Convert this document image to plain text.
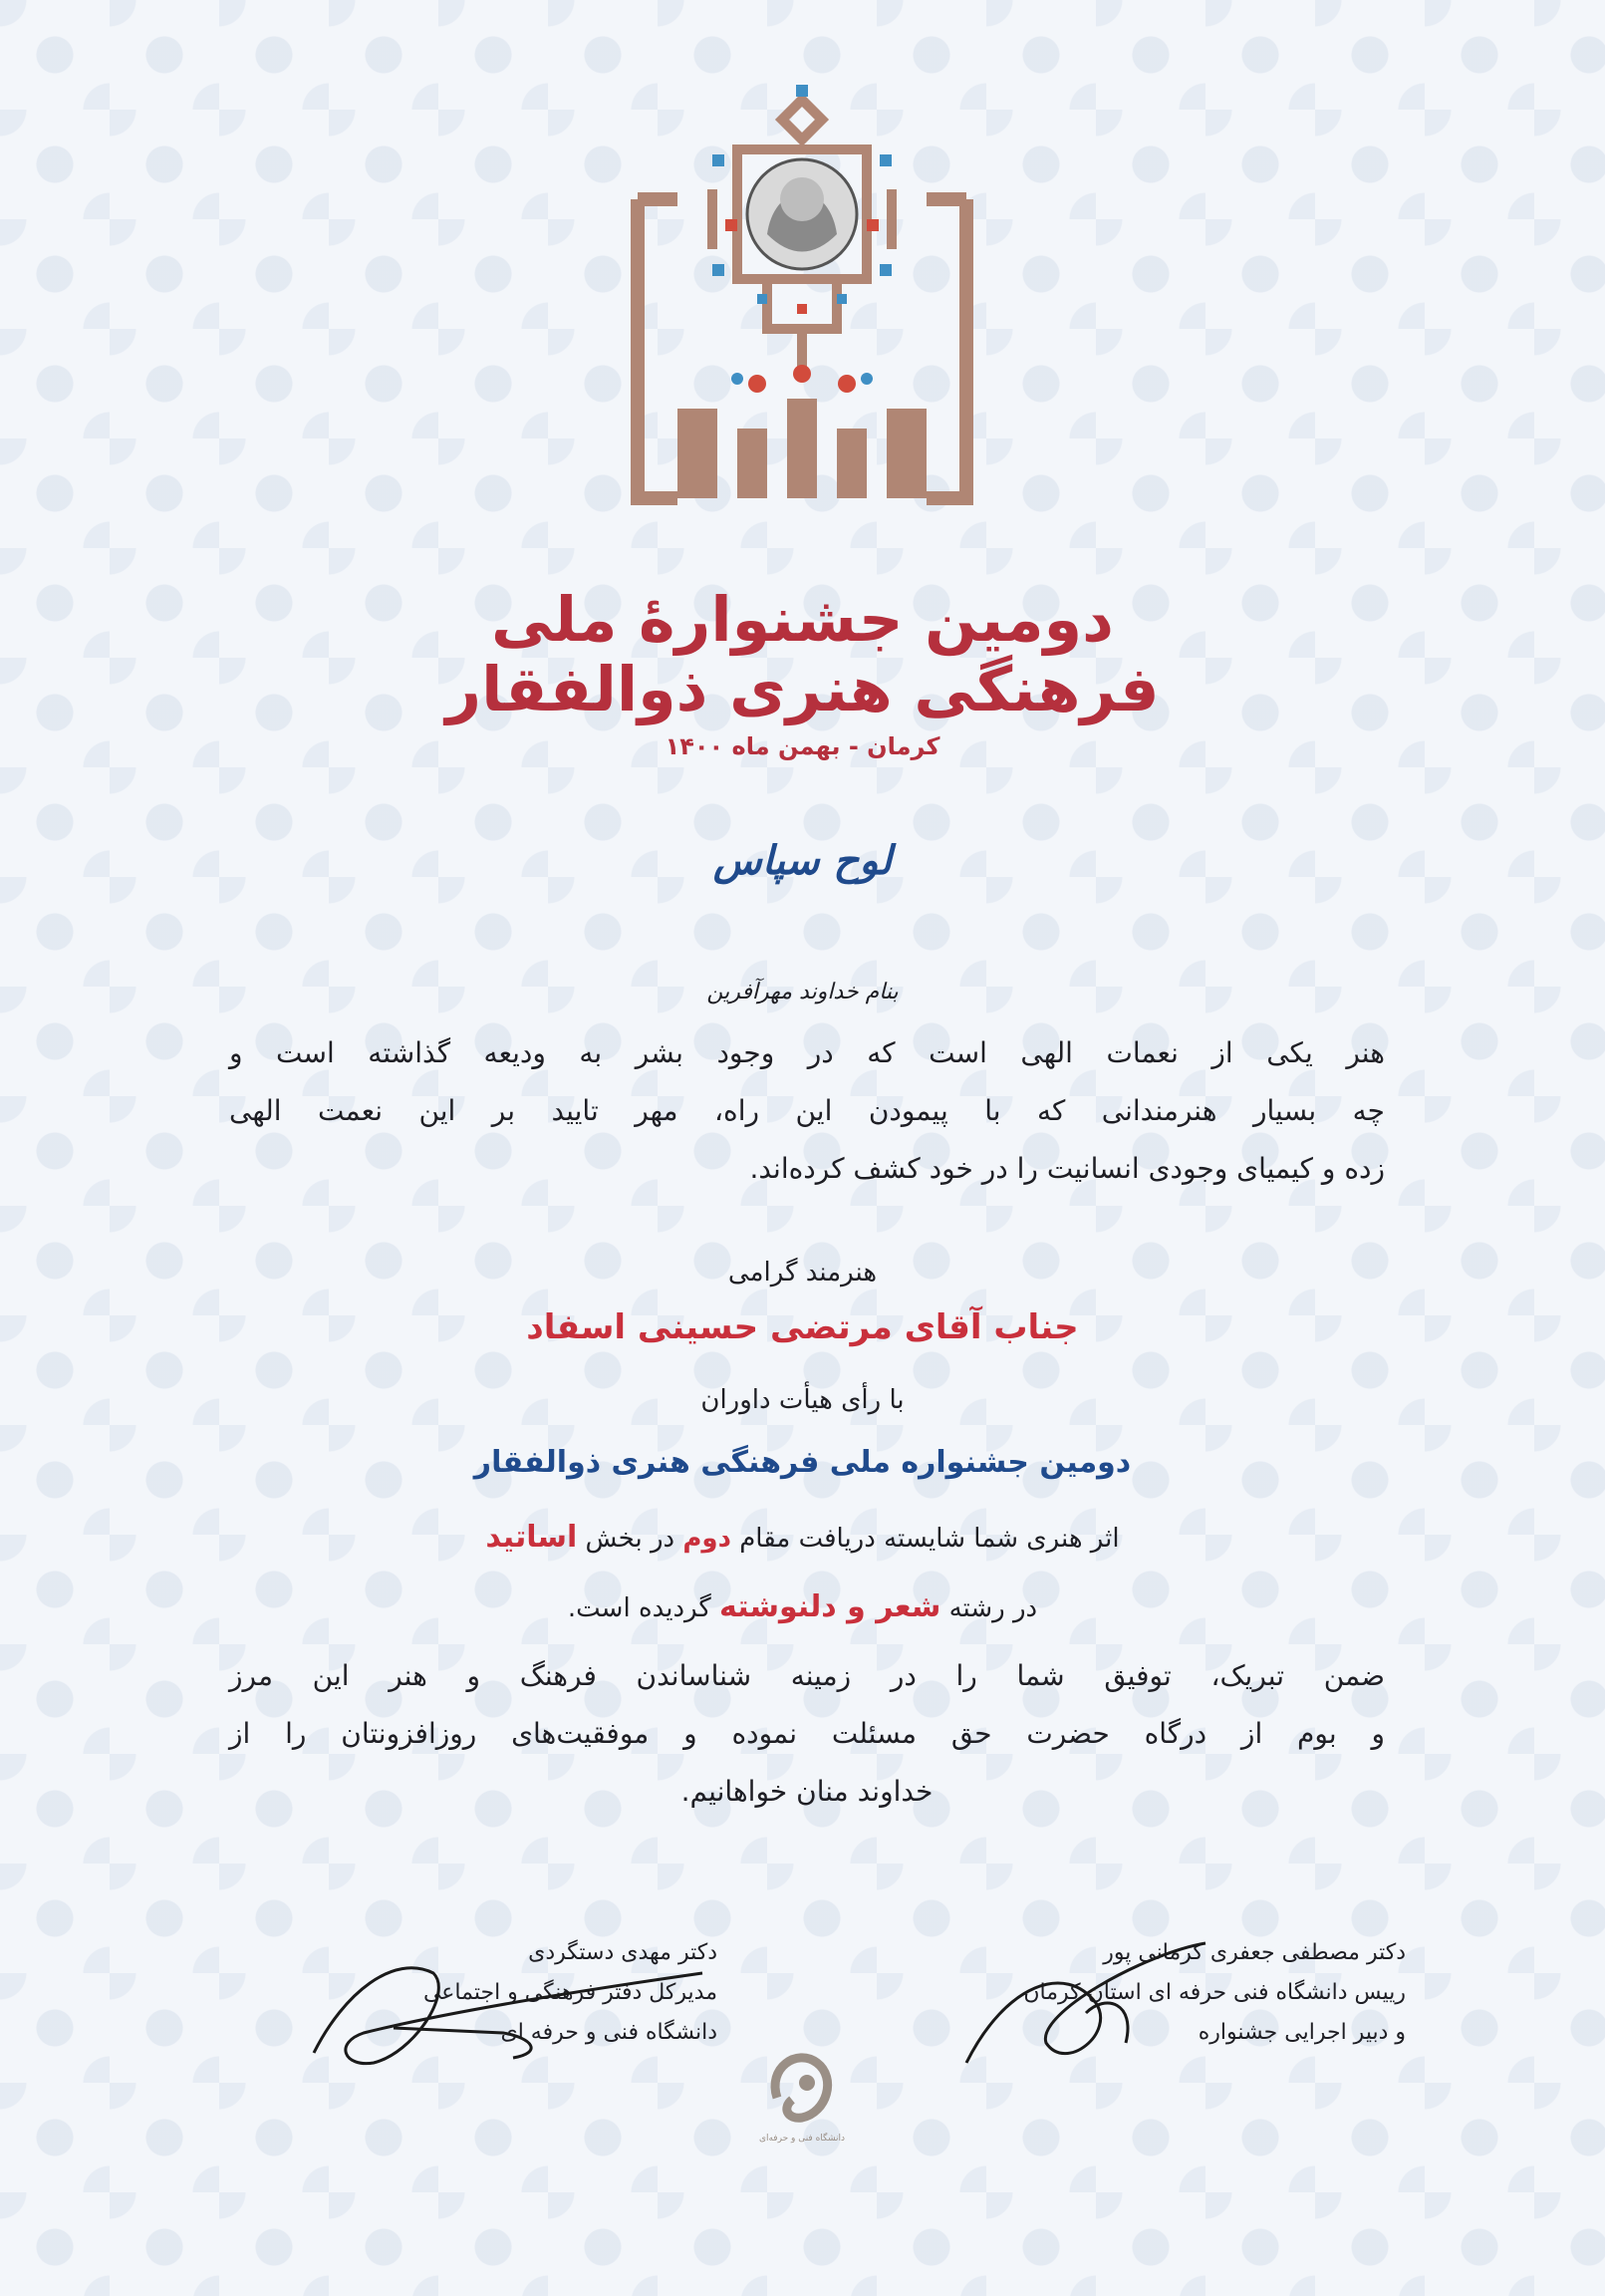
دومین جشنوارۀ ملی
فرهنگی هنری ذوالفقار
کرمان - بهمن ماه ۱۴۰۰
لوح سپاس
بنام خداوند مهرآفرین

هنر یکی از نعمات الهی است که در وجود بشر به ودیعه گذاشته است و
چه بسیار هنرمندانی که با پیمودن این راه، مهر تایید بر این نعمت الهی
زده و کیمیای وجودی انسانیت را در خود کشف کرده‌اند.

هنرمند گرامی

جناب آقای مرتضی حسینی اسفاد

با رأی هیأت داوران

دومین جشنواره ملی فرهنگی هنری ذوالفقار

اثر هنری شما شایسته دریافت مقام دوم در بخش اساتید

در رشته شعر و دلنوشته گردیده است.

ضمن تبریک، توفیق شما را در زمینه شناساندن فرهنگ و هنر این مرز
و بوم از درگاه حضرت حق مسئلت نموده و موفقیت‌های روزافزونتان را از
خداوند منان خواهانیم.

دکتر مصطفی جعفری کرمانی پور
رییس دانشگاه فنی حرفه ای استان کرمان
و دبیر اجرایی جشنواره
دکتر مهدی دستگردی
مدیرکل دفتر فرهنگی و اجتماعی
دانشگاه فنی و حرفه ای
دانشگاه فنی و حرفه‌ای
